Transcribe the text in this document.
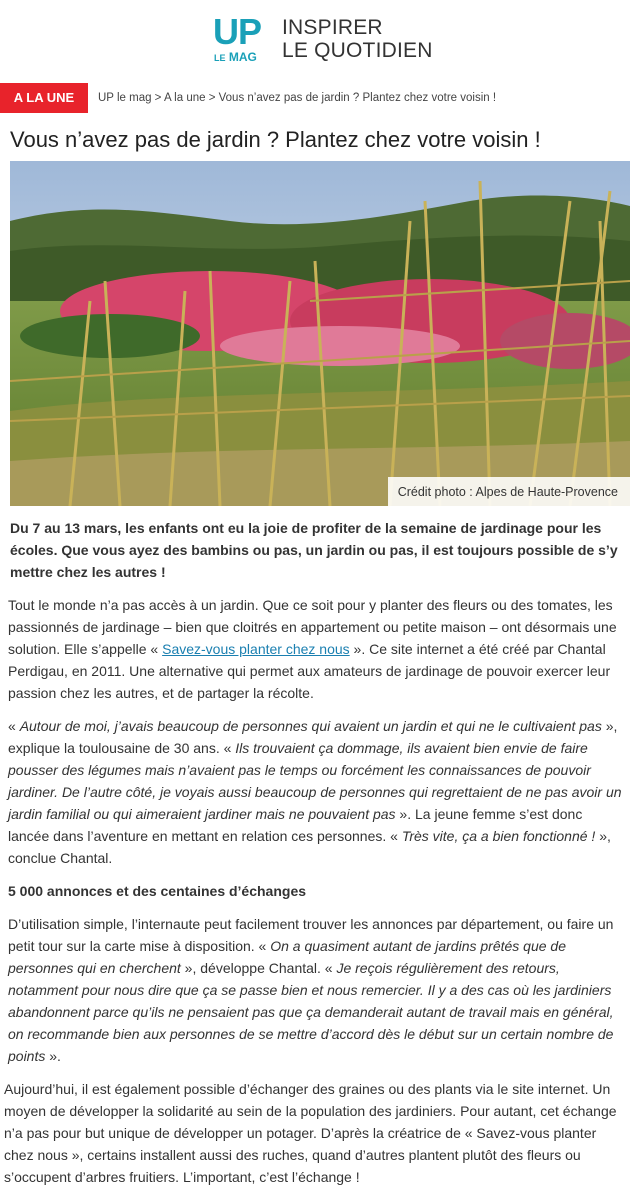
UP
LE MAG
INSPIRER
LE QUOTIDIEN
A LA UNE	UP le mag > A la une > Vous n’avez pas de jardin ? Plantez chez votre voisin !
Vous n’avez pas de jardin ? Plantez chez votre voisin !
Crédit photo : Alpes de Haute-Provence

Du 7 au 13 mars, les enfants ont eu la joie de profiter de la semaine de jardinage pour les écoles. Que vous ayez des bambins ou pas, un jardin ou pas, il est toujours possible de s’y mettre chez les autres !

Tout le monde n’a pas accès à un jardin. Que ce soit pour y planter des fleurs ou des tomates, les passionnés de jardinage – bien que cloitrés en appartement ou petite maison – ont désormais une solution. Elle s’appelle « Savez-vous planter chez nous ». Ce site internet a été créé par Chantal Perdigau, en 2011. Une alternative qui permet aux amateurs de jardinage de pouvoir exercer leur passion chez les autres, et de partager la récolte.

« Autour de moi, j’avais beaucoup de personnes qui avaient un jardin et qui ne le cultivaient pas », explique la toulousaine de 30 ans. « Ils trouvaient ça dommage, ils avaient bien envie de faire pousser des légumes mais n’avaient pas le temps ou forcément les connaissances de pouvoir jardiner. De l’autre côté, je voyais aussi beaucoup de personnes qui regrettaient de ne pas avoir un jardin familial ou qui aimeraient jardiner mais ne pouvaient pas ». La jeune femme s’est donc lancée dans l’aventure en mettant en relation ces personnes. « Très vite, ça a bien fonctionné ! », conclue Chantal.

5 000 annonces et des centaines d’échanges

D’utilisation simple, l’internaute peut facilement trouver les annonces par département, ou faire un petit tour sur la carte mise à disposition. « On a quasiment autant de jardins prêtés que de personnes qui en cherchent », développe Chantal. « Je reçois régulièrement des retours, notamment pour nous dire que ça se passe bien et nous remercier. Il y a des cas où les jardiniers abandonnent parce qu’ils ne pensaient pas que ça demanderait autant de travail mais en général, on recommande bien aux personnes de se mettre d’accord dès le début sur un certain nombre de points ».

Aujourd’hui, il est également possible d’échanger des graines ou des plants via le site internet. Un moyen de développer la solidarité au sein de la population des jardiniers. Pour autant, cet échange n’a pas pour but unique de développer un potager. D’après la créatrice de « Savez-vous planter chez nous », certains installent aussi des ruches, quand d’autres plantent plutôt des fleurs ou s’occupent d’arbres fruitiers. L’important, c’est l’échange !
